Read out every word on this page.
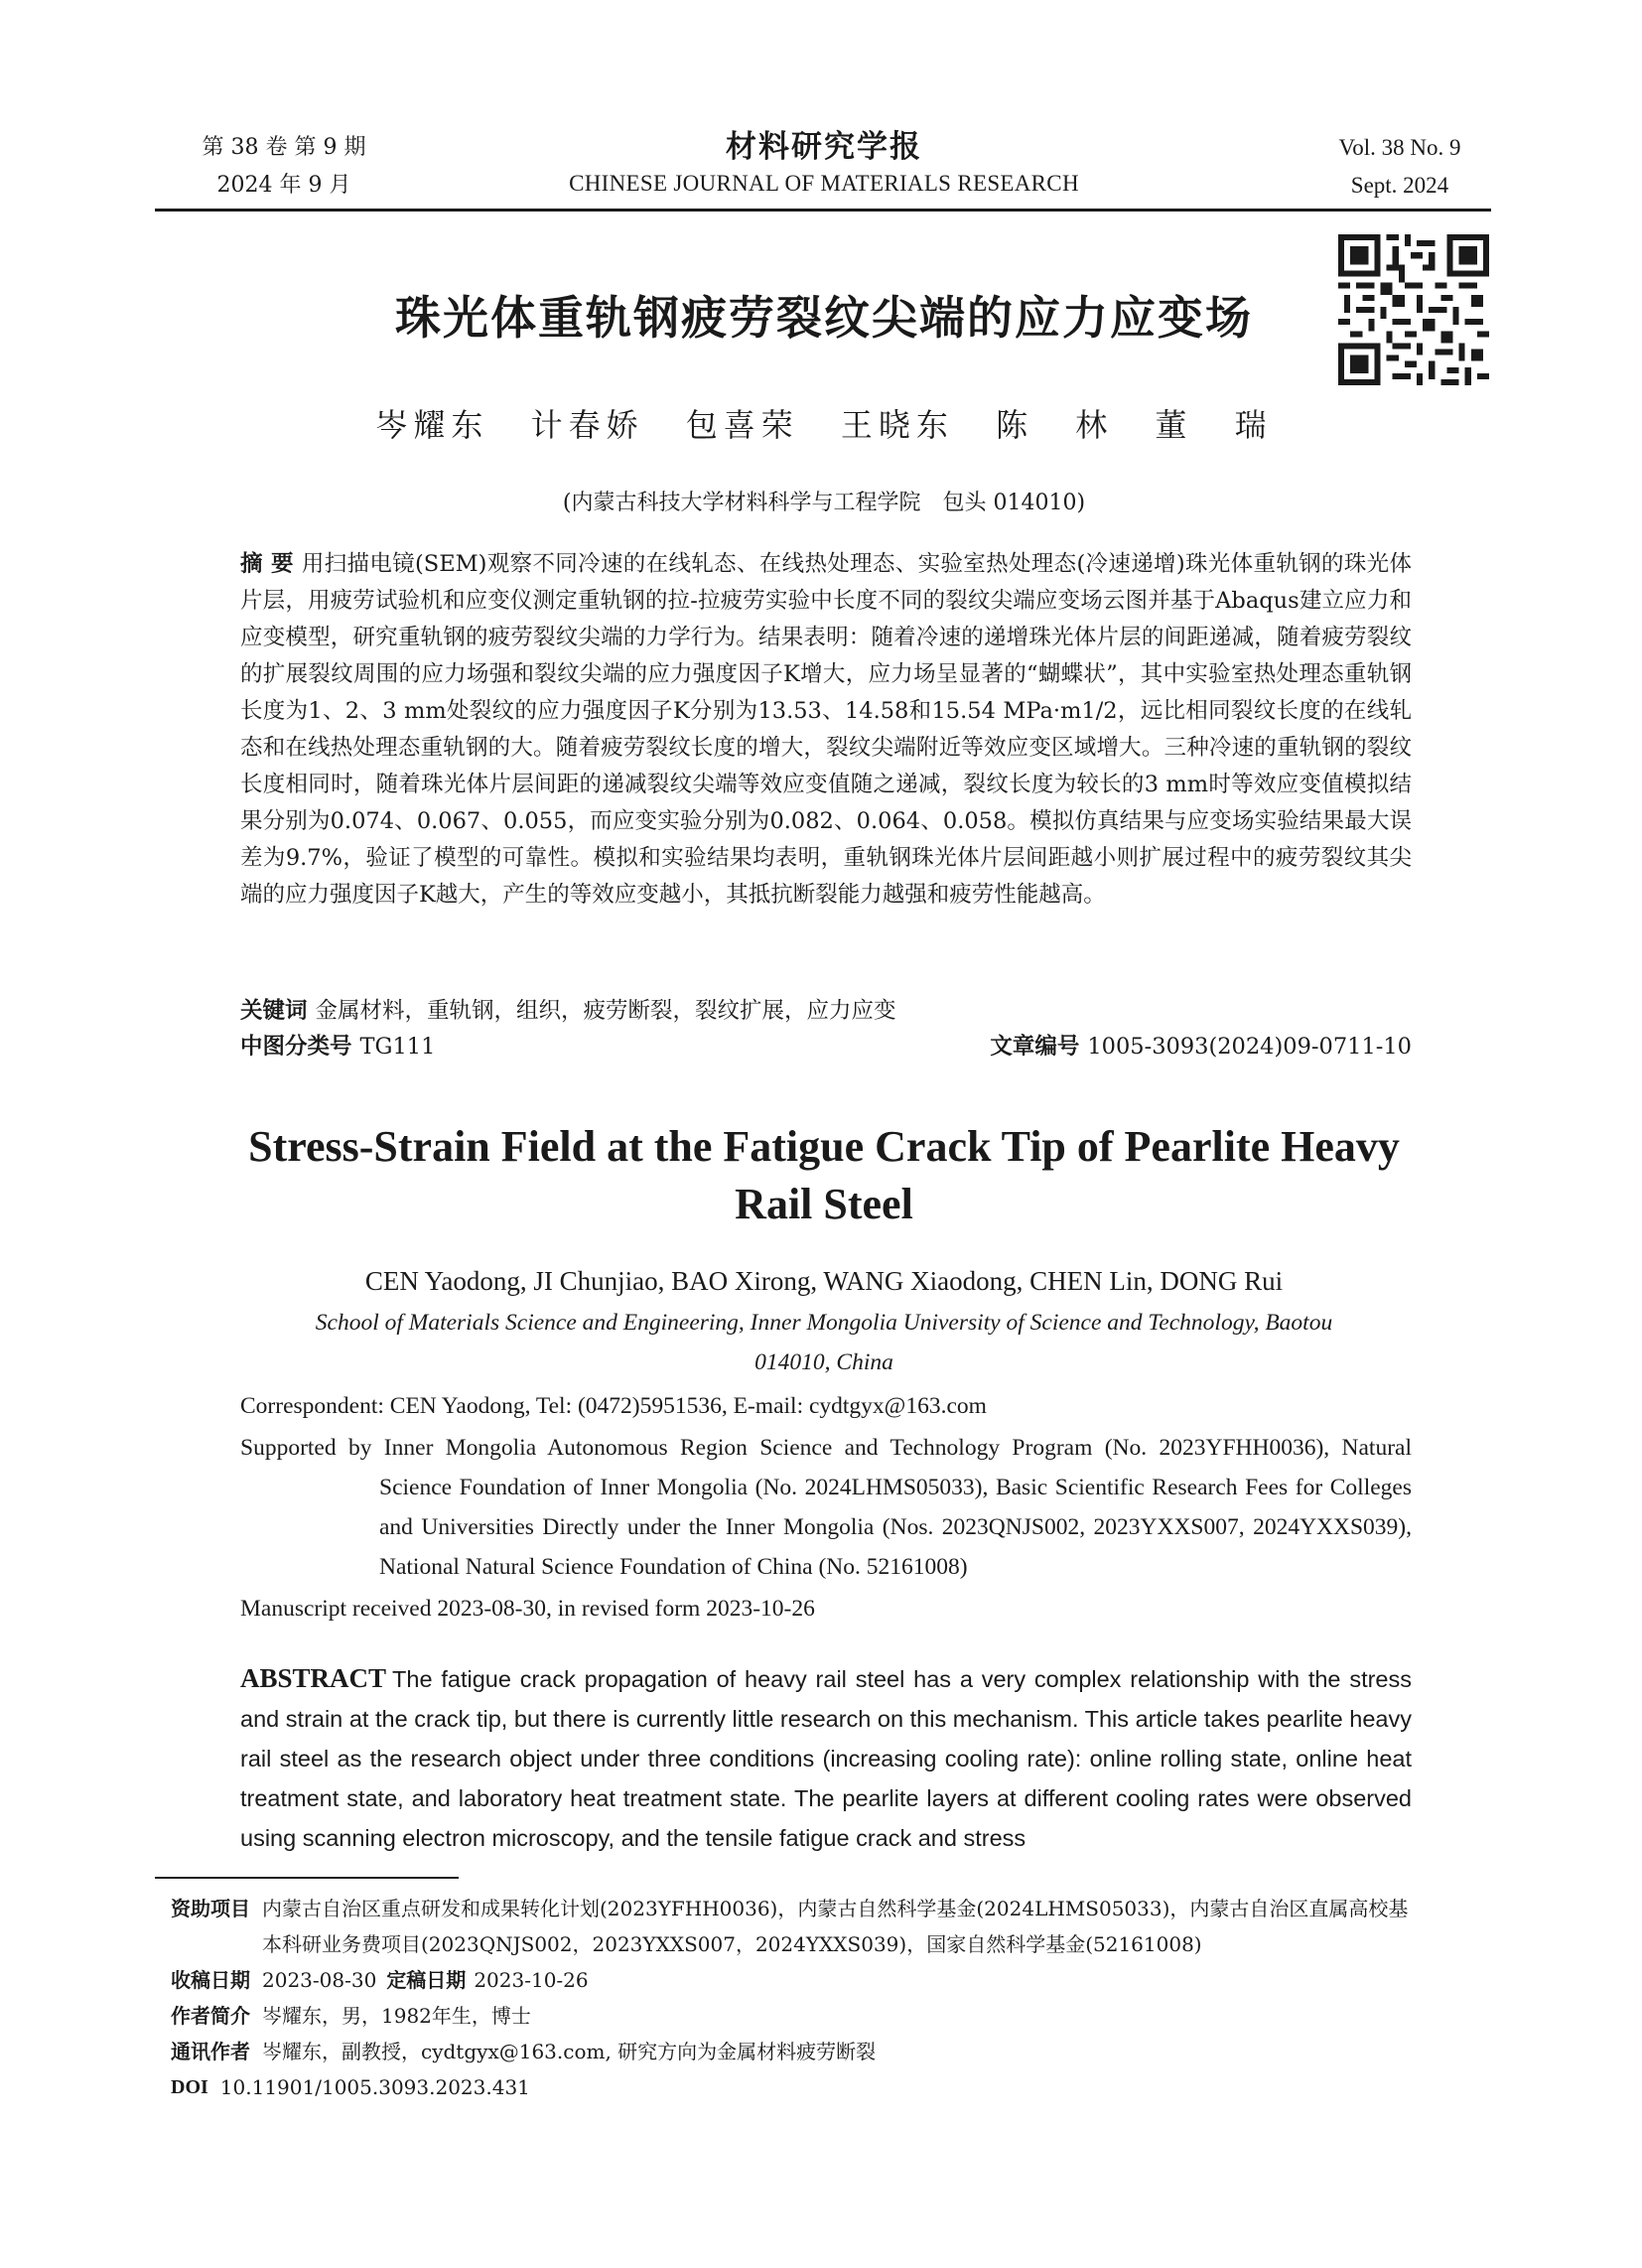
第 38 卷 第 9 期
2024 年 9 月
材料研究学报
CHINESE JOURNAL OF MATERIALS RESEARCH
Vol. 38 No. 9
Sept. 2024
珠光体重轨钢疲劳裂纹尖端的应力应变场
岑耀东 计春娇 包喜荣 王晓东 陈 林 董 瑞
(内蒙古科技大学材料科学与工程学院　包头 014010)
摘 要 用扫描电镜(SEM)观察不同冷速的在线轧态、在线热处理态、实验室热处理态(冷速递增)珠光体重轨钢的珠光体片层，用疲劳试验机和应变仪测定重轨钢的拉-拉疲劳实验中长度不同的裂纹尖端应变场云图并基于Abaqus建立应力和应变模型，研究重轨钢的疲劳裂纹尖端的力学行为。结果表明：随着冷速的递增珠光体片层的间距递减，随着疲劳裂纹的扩展裂纹周围的应力场强和裂纹尖端的应力强度因子K增大，应力场呈显著的“蝴蝶状”，其中实验室热处理态重轨钢长度为1、2、3 mm处裂纹的应力强度因子K分别为13.53、14.58和15.54 MPa·m1/2，远比相同裂纹长度的在线轧态和在线热处理态重轨钢的大。随着疲劳裂纹长度的增大，裂纹尖端附近等效应变区域增大。三种冷速的重轨钢的裂纹长度相同时，随着珠光体片层间距的递减裂纹尖端等效应变值随之递减，裂纹长度为较长的3 mm时等效应变值模拟结果分别为0.074、0.067、0.055，而应变实验分别为0.082、0.064、0.058。模拟仿真结果与应变场实验结果最大误差为9.7%，验证了模型的可靠性。模拟和实验结果均表明，重轨钢珠光体片层间距越小则扩展过程中的疲劳裂纹其尖端的应力强度因子K越大，产生的等效应变越小，其抵抗断裂能力越强和疲劳性能越高。
关键词 金属材料，重轨钢，组织，疲劳断裂，裂纹扩展，应力应变
中图分类号 TG111	文章编号 1005-3093(2024)09-0711-10
Stress-Strain Field at the Fatigue Crack Tip of Pearlite Heavy Rail Steel
CEN Yaodong, JI Chunjiao, BAO Xirong, WANG Xiaodong, CHEN Lin, DONG Rui
School of Materials Science and Engineering, Inner Mongolia University of Science and Technology, Baotou 014010, China
Correspondent: CEN Yaodong, Tel: (0472)5951536, E-mail: cydtgyx@163.com
Supported by Inner Mongolia Autonomous Region Science and Technology Program (No. 2023YFHH0036), Natural Science Foundation of Inner Mongolia (No. 2024LHMS05033), Basic Scientific Research Fees for Colleges and Universities Directly under the Inner Mongolia (Nos. 2023QNJS002, 2023YXXS007, 2024YXXS039), National Natural Science Foundation of China (No. 52161008)
Manuscript received 2023-08-30, in revised form 2023-10-26
ABSTRACT The fatigue crack propagation of heavy rail steel has a very complex relationship with the stress and strain at the crack tip, but there is currently little research on this mechanism. This article takes pearlite heavy rail steel as the research object under three conditions (increasing cooling rate): online rolling state, online heat treatment state, and laboratory heat treatment state. The pearlite layers at different cooling rates were observed using scanning electron microscopy, and the tensile fatigue crack and stress
资助项目 内蒙古自治区重点研发和成果转化计划(2023YFHH0036)，内蒙古自然科学基金(2024LHMS05033)，内蒙古自治区直属高校基本科研业务费项目(2023QNJS002，2023YXXS007，2024YXXS039)，国家自然科学基金(52161008)
收稿日期 2023-08-30 定稿日期 2023-10-26
作者简介 岑耀东，男，1982年生，博士
通讯作者 岑耀东，副教授，cydtgyx@163.com, 研究方向为金属材料疲劳断裂
DOI 10.11901/1005.3093.2023.431
